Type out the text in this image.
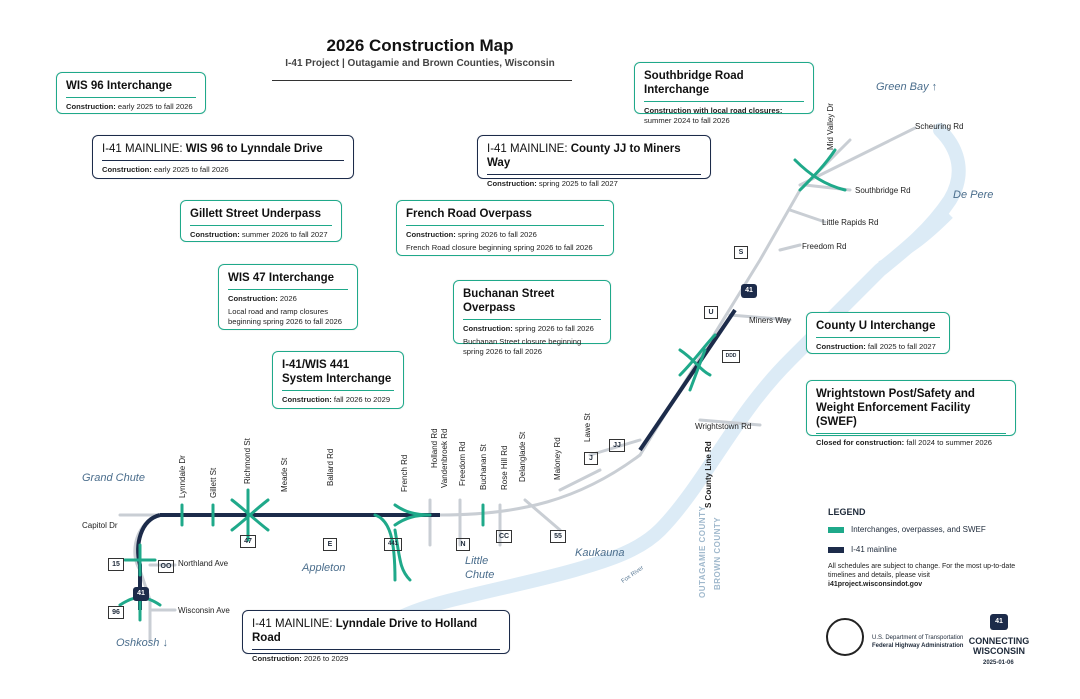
2026 Construction Map
I-41 Project | Outagamie and Brown Counties, Wisconsin
WIS 96 Interchange
Construction: early 2025 to fall 2026
I-41 MAINLINE: WIS 96 to Lynndale Drive
Construction: early 2025 to fall 2026
Gillett Street Underpass
Construction: summer 2026 to fall 2027
WIS 47 Interchange
Construction: 2026
Local road and ramp closures
beginning spring 2026 to fall 2026
I-41/WIS 441
System Interchange
Construction: fall 2026 to 2029
French Road Overpass
Construction: spring 2026 to fall 2026
French Road closure beginning spring 2026 to fall 2026
Buchanan Street Overpass
Construction: spring 2026 to fall 2026
Buchanan Street closure beginning
spring 2026 to fall 2026
I-41 MAINLINE: County JJ to Miners Way
Construction: spring 2025 to fall 2027
Southbridge Road Interchange
Construction with local road closures:
summer 2024 to fall 2026
County U Interchange
Construction: fall 2025 to fall 2027
Wrightstown Post/Safety and
Weight Enforcement Facility (SWEF)
Closed for construction: fall 2024 to summer 2026
I-41 MAINLINE: Lynndale Drive to Holland Road
Construction: 2026 to 2029
Lynndale Dr	Gillett St	Richmond St	Meade St	Ballard Rd	French Rd
Holland Rd Vandenbroek Rd Freedom Rd Buchanan St Rose Hill Rd Delanglade St	Maloney Rd
Lawe St
Mid Valley Dr
S County Line Rd
Capitol Dr
Northland Ave
Wisconsin Ave
Scheuring Rd
Southbridge Rd
Little Rapids Rd
Freedom Rd
Miners Way
Wrightstown Rd
Fox River
Grand Chute
Appleton
Little
Chute
Kaukauna
Oshkosh ↓
Green Bay ↑
De Pere
OUTAGAMIE COUNTY BROWN COUNTY
41
41
15	OO
96
47	E	441	N
CC	55
J
JJ
U
DDD
S
LEGEND
Interchanges, overpasses, and SWEF
I-41 mainline
All schedules are subject to change. For the most up-to-date timelines and details, please visit i41project.wisconsindot.gov
U.S. Department of Transportation
Federal Highway Administration
41
CONNECTING
WISCONSIN
2025-01-06
